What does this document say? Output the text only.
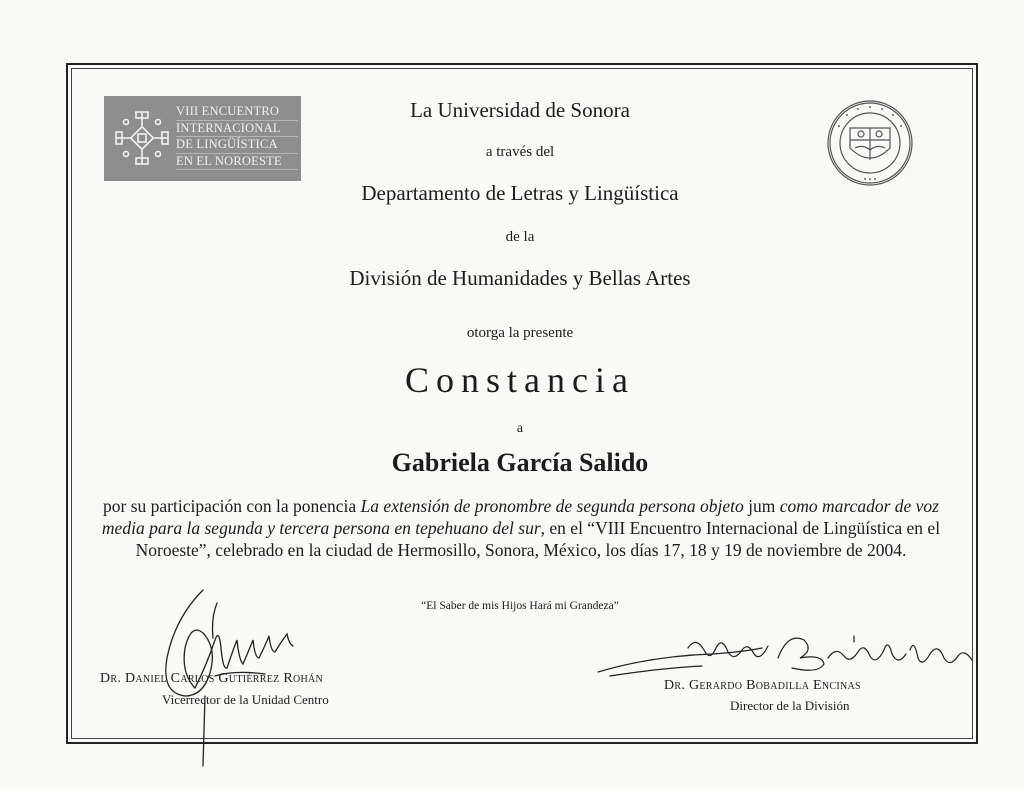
VIII ENCUENTRO
INTERNACIONAL
DE LINGÜÍSTICA
EN EL NOROESTE
La Universidad de Sonora
a través del
Departamento de Letras y Lingüística
de la
División de Humanidades y Bellas Artes
otorga la presente
Constancia
a
Gabriela García Salido

por su participación con la ponencia La extensión de pronombre de segunda persona objeto jum como marcador de voz media para la segunda y tercera persona en tepehuano del sur, en el “VIII Encuentro Internacional de Lingüística en el Noroeste”, celebrado en la ciudad de Hermosillo, Sonora, México, los días 17, 18 y 19 de noviembre de 2004.

“El Saber de mis Hijos Hará mi Grandeza”
Dr. Daniel Carlos Gutiérrez Rohán
Vicerrector de la Unidad Centro
Dr. Gerardo Bobadilla Encinas
Director de la División
